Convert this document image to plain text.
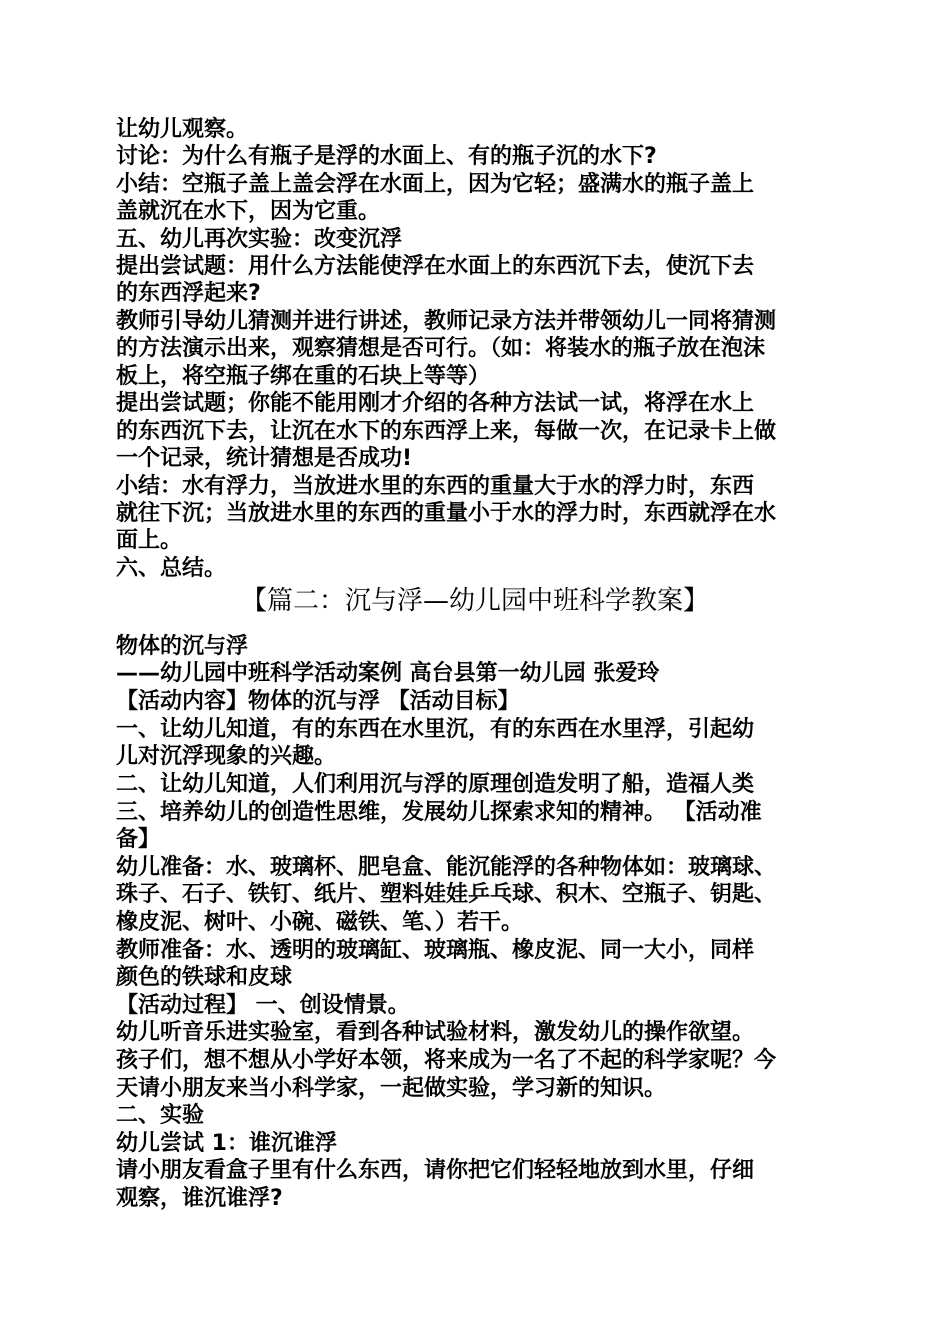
让幼儿观察。
讨论：为什么有瓶子是浮的水面上、有的瓶子沉的水下?
小结：空瓶子盖上盖会浮在水面上，因为它轻；盛满水的瓶子盖上
盖就沉在水下，因为它重。
五、幼儿再次实验：改变沉浮
提出尝试题：用什么方法能使浮在水面上的东西沉下去，使沉下去
的东西浮起来?
教师引导幼儿猜测并进行讲述，教师记录方法并带领幼儿一同将猜测
的方法演示出来，观察猜想是否可行。（如：将装水的瓶子放在泡沫
板上，将空瓶子绑在重的石块上等等）
提出尝试题；你能不能用刚才介绍的各种方法试一试，将浮在水上
的东西沉下去，让沉在水下的东西浮上来，每做一次，在记录卡上做
一个记录，统计猜想是否成功!
小结：水有浮力，当放进水里的东西的重量大于水的浮力时，东西
就往下沉；当放进水里的东西的重量小于水的浮力时，东西就浮在水
面上。
六、总结。
【篇二：沉与浮—幼儿园中班科学教案】
物体的沉与浮
——幼儿园中班科学活动案例 高台县第一幼儿园 张爱玲
【活动内容】物体的沉与浮 【活动目标】
一、让幼儿知道，有的东西在水里沉，有的东西在水里浮，引起幼
儿对沉浮现象的兴趣。
二、让幼儿知道，人们利用沉与浮的原理创造发明了船，造福人类
三、培养幼儿的创造性思维，发展幼儿探索求知的精神。 【活动准
备】
幼儿准备：水、玻璃杯、肥皂盒、能沉能浮的各种物体如：玻璃球、
珠子、石子、铁钉、纸片、塑料娃娃乒乓球、积木、空瓶子、钥匙、
橡皮泥、树叶、小碗、磁铁、笔、）若干。
教师准备：水、透明的玻璃缸、玻璃瓶、橡皮泥、同一大小，同样
颜色的铁球和皮球
【活动过程】 一、创设情景。
幼儿听音乐进实验室，看到各种试验材料，激发幼儿的操作欲望。
孩子们，想不想从小学好本领，将来成为一名了不起的科学家呢？今
天请小朋友来当小科学家，一起做实验，学习新的知识。
二、实验
幼儿尝试 1：谁沉谁浮
请小朋友看盒子里有什么东西，请你把它们轻轻地放到水里，仔细
观察，谁沉谁浮?
